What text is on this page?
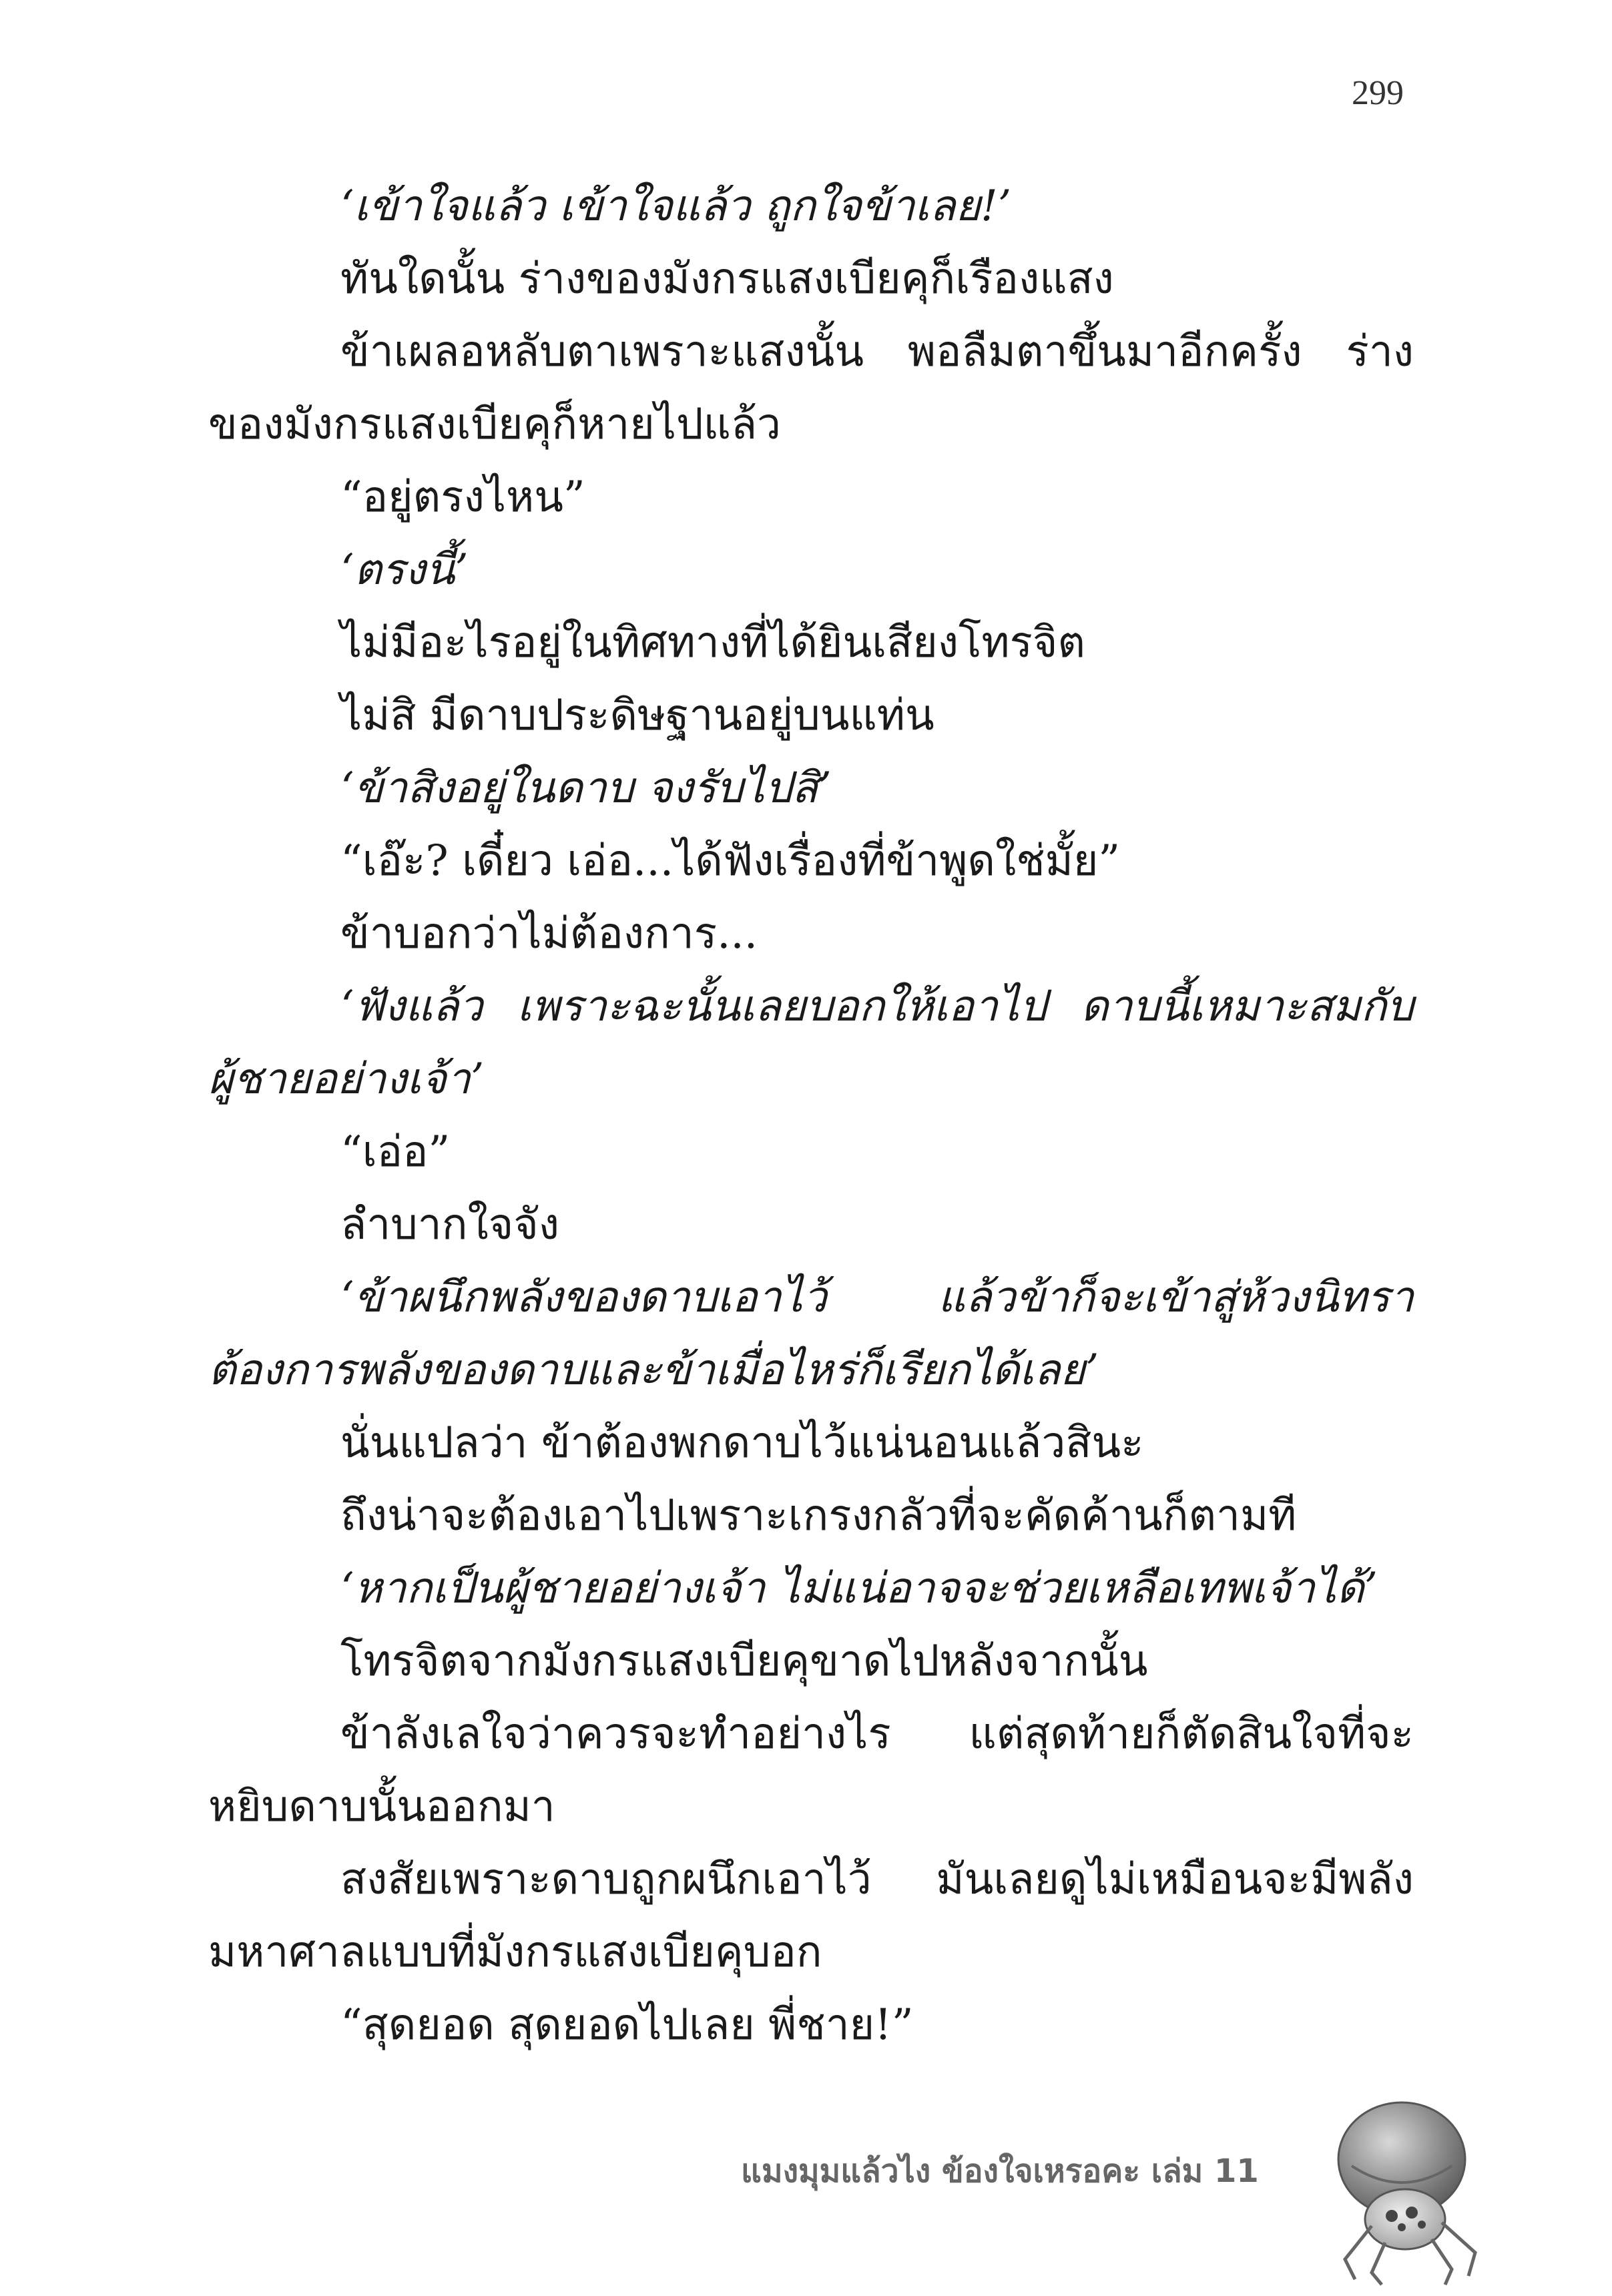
299

‘เข้าใจแล้ว เข้าใจแล้ว ถูกใจข้าเลย!’

ทันใดนั้น ร่างของมังกรแสงเบียคุก็เรืองแสง

ข้าเผลอหลับตาเพราะแสงนั้น พอลืมตาขึ้นมาอีกครั้ง ร่างของมังกรแสงเบียคุก็หายไปแล้ว

“อยู่ตรงไหน”

‘ตรงนี้’

ไม่มีอะไรอยู่ในทิศทางที่ได้ยินเสียงโทรจิต

ไม่สิ มีดาบประดิษฐานอยู่บนแท่น

‘ข้าสิงอยู่ในดาบ จงรับไปสิ’

“เอ๊ะ? เดี๋ยว เอ่อ...ได้ฟังเรื่องที่ข้าพูดใช่มั้ย”

ข้าบอกว่าไม่ต้องการ...

‘ฟังแล้ว เพราะฉะนั้นเลยบอกให้เอาไป ดาบนี้เหมาะสมกับผู้ชายอย่างเจ้า’

“เอ่อ”

ลำบากใจจัง

‘ข้าผนึกพลังของดาบเอาไว้ แล้วข้าก็จะเข้าสู่ห้วงนิทราต้องการพลังของดาบและข้าเมื่อไหร่ก็เรียกได้เลย’

นั่นแปลว่า ข้าต้องพกดาบไว้แน่นอนแล้วสินะ

ถึงน่าจะต้องเอาไปเพราะเกรงกลัวที่จะคัดค้านก็ตามที

‘หากเป็นผู้ชายอย่างเจ้า ไม่แน่อาจจะช่วยเหลือเทพเจ้าได้’

โทรจิตจากมังกรแสงเบียคุขาดไปหลังจากนั้น

ข้าลังเลใจว่าควรจะทำอย่างไร แต่สุดท้ายก็ตัดสินใจที่จะหยิบดาบนั้นออกมา

สงสัยเพราะดาบถูกผนึกเอาไว้ มันเลยดูไม่เหมือนจะมีพลังมหาศาลแบบที่มังกรแสงเบียคุบอก

“สุดยอด สุดยอดไปเลย พี่ชาย!”

แมงมุมแล้วไง ข้องใจเหรอคะ เล่ม 11
